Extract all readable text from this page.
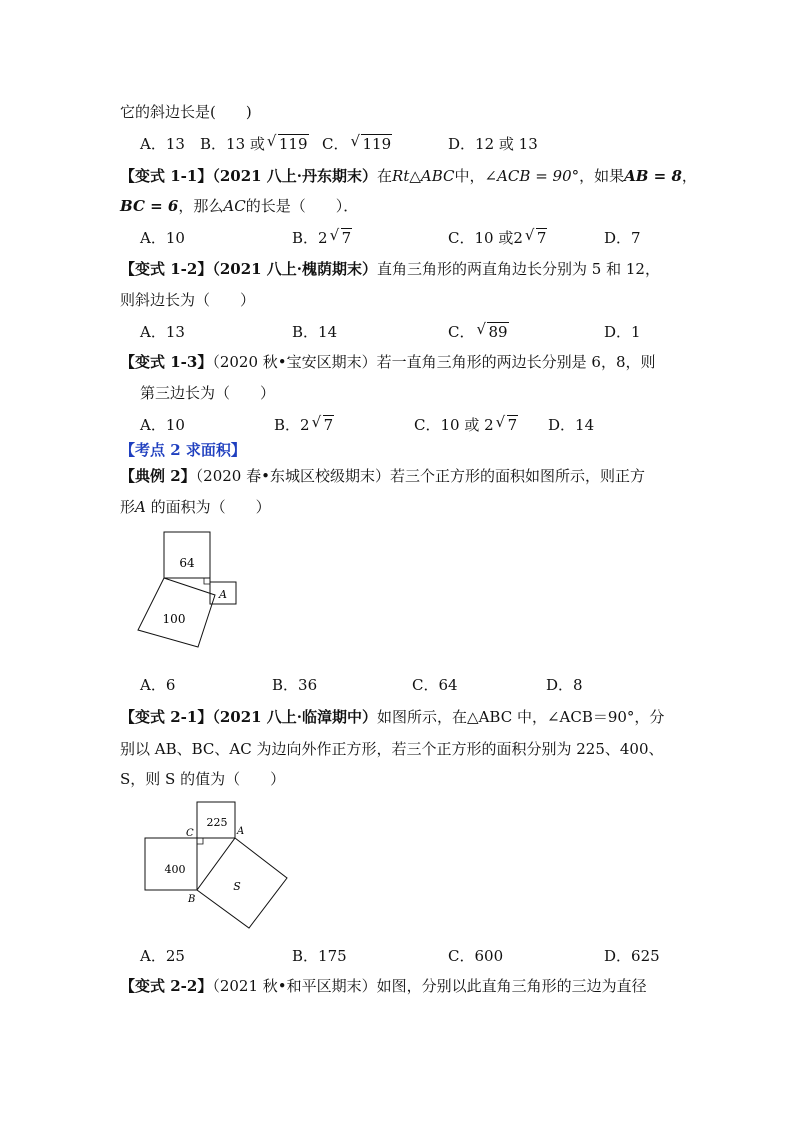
它的斜边长是(　　)
A．13 B．13 或 √ 119 C． √ 119	D．12 或 13
【变式 1-1】（2021 八上·丹东期末）在Rt△ABC中，∠ACB = 90°，如果AB = 8，
BC = 6，那么AC的长是（　　）．
A．10	B．2 √ 7	C．10 或2 √ 7	D．7
【变式 1-2】（2021 八上·槐荫期末）直角三角形的两直角边长分别为 5 和 12，
则斜边长为（　　）
A．13	B．14	C． √ 89	D．1
【变式 1-3】（2020 秋•宝安区期末）若一直角三角形的两边长分别是 6，8，则
第三边长为（　　）
A．10	B．2 √ 7	C．10 或 2 √ 7 D．14
【考点 2 求面积】
【典例 2】（2020 春•东城区校级期末）若三个正方形的面积如图所示，则正方
形A 的面积为（　　）
64
100
A
A．6	B．36	C．64	D．8
【变式 2-1】（2021 八上·临漳期中）如图所示，在△ABC 中，∠ACB＝90°，分
别以 AB、BC、AC 为边向外作正方形，若三个正方形的面积分别为 225、400、
S，则 S 的值为（　　）
225
400
S
C	A
B
A．25	B．175	C．600	D．625
【变式 2-2】（2021 秋•和平区期末）如图，分别以此直角三角形的三边为直径
